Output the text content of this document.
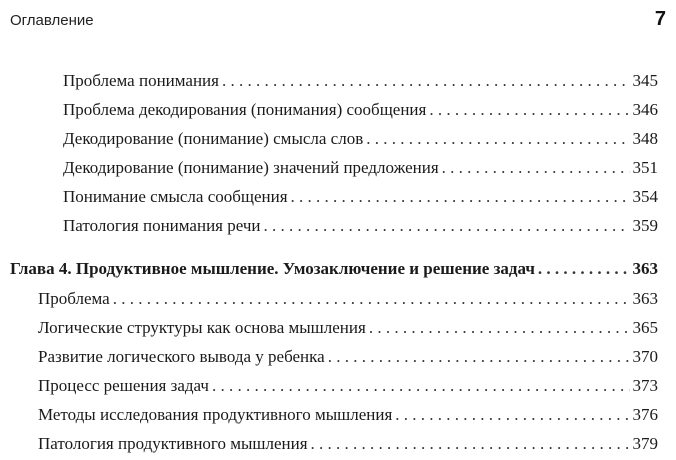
Оглавление	7
Проблема понимания . . .	345
Проблема декодирования (понимания) сообщения . . .	346
Декодирование (понимание) смысла слов . . .	348
Декодирование (понимание) значений предложения . . .	351
Понимание смысла сообщения . . .	354
Патология понимания речи . . .	359
Глава 4. Продуктивное мышление. Умозаключение и решение задач . . .	363
Проблема . . .	363
Логические структуры как основа мышления . . .	365
Развитие логического вывода у ребенка . . .	370
Процесс решения задач . . .	373
Методы исследования продуктивного мышления . . .	376
Патология продуктивного мышления . . .	379
